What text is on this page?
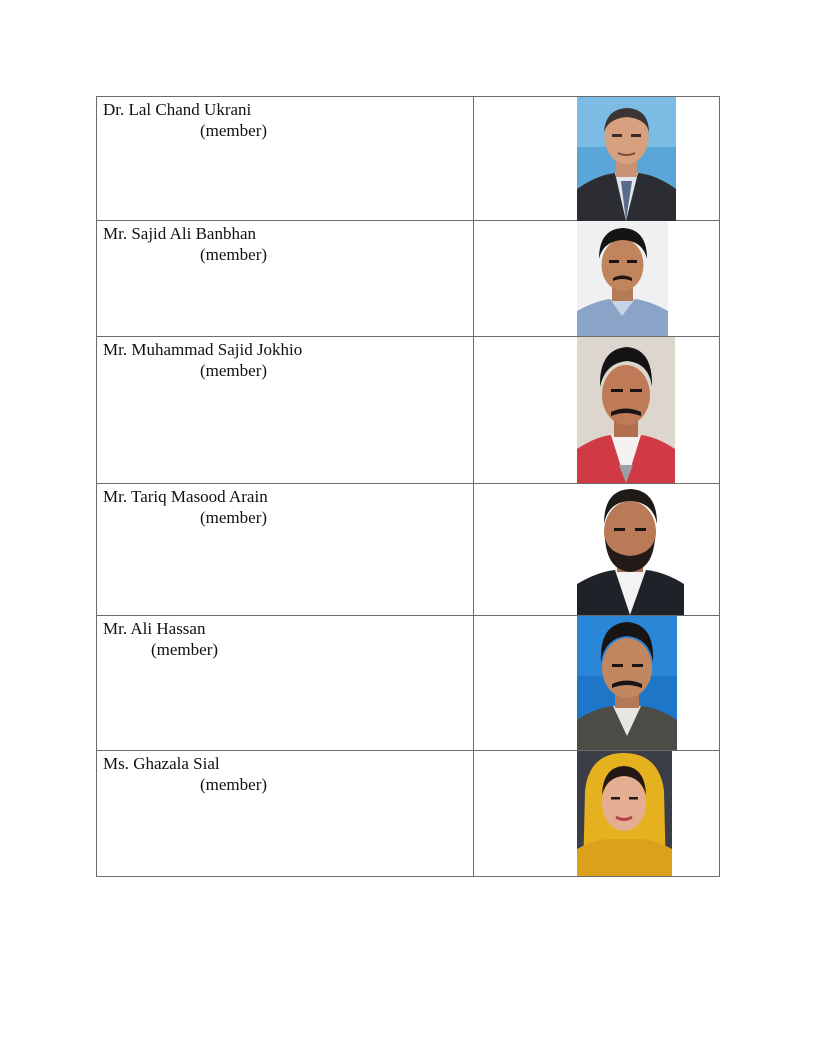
Dr. Lal Chand Ukrani
(member)

Mr. Sajid Ali Banbhan
(member)

Mr. Muhammad Sajid Jokhio
(member)

Mr. Tariq Masood Arain
(member)

Mr. Ali Hassan
(member)

Ms. Ghazala Sial
(member)
